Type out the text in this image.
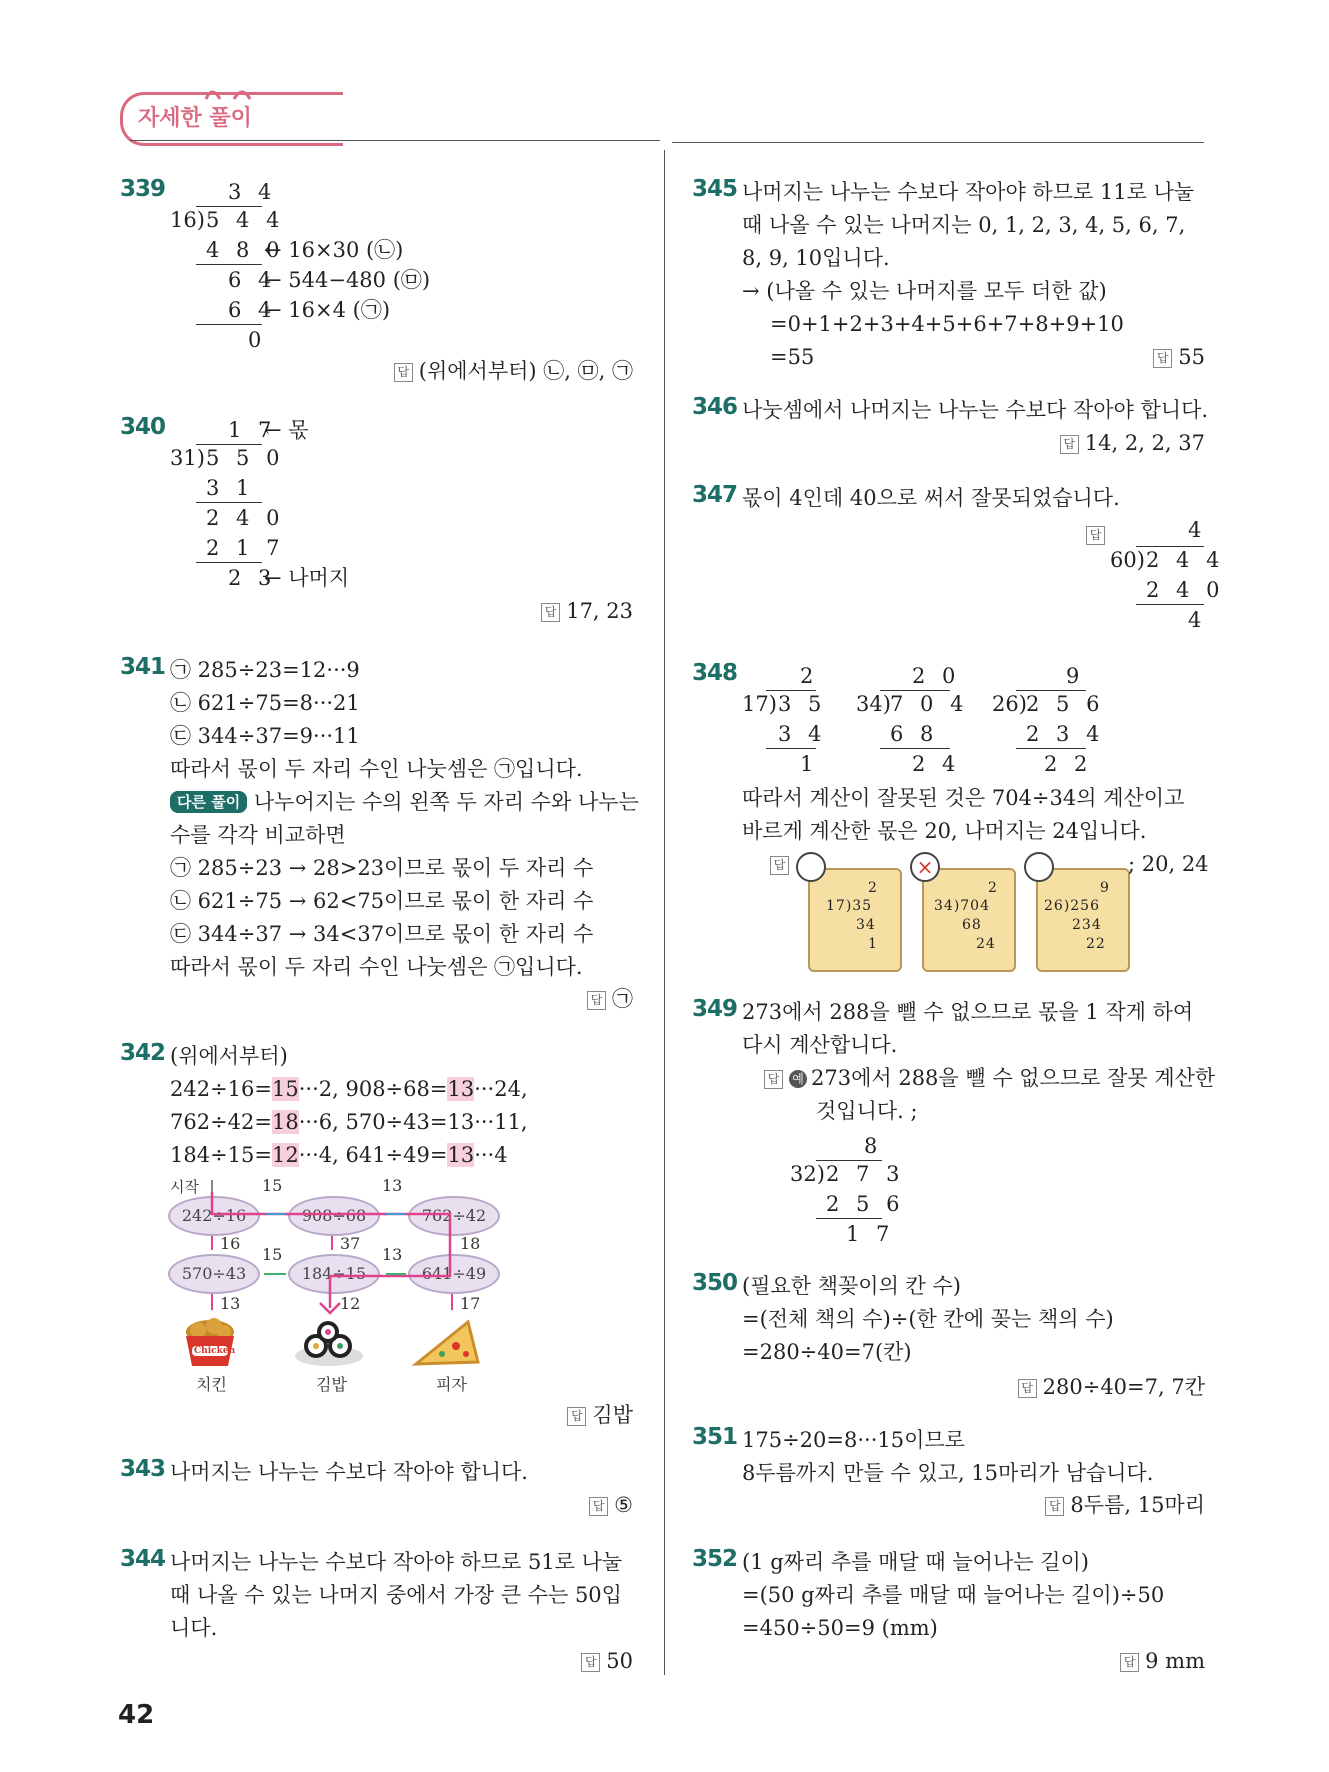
자세한 풀이
339	3 4
16) 5 4 4
4 8 0
← 16×30 (㉡)
6 4
← 544−480 (㉤)
6 4
← 16×4 (㉠)
0
답 (위에서부터) ㉡, ㉤, ㉠
340	1 7
← 몫
31) 5 5 0
3 1
2 4 0
2 1 7
2 3
← 나머지
답 17, 23
341 ㉠ 285÷23=12···9
㉡ 621÷75=8···21
㉢ 344÷37=9···11
따라서 몫이 두 자리 수인 나눗셈은 ㉠입니다.
다른 풀이 나누어지는 수의 왼쪽 두 자리 수와 나누는
수를 각각 비교하면
㉠ 285÷23 → 28>23이므로 몫이 두 자리 수
㉡ 621÷75 → 62<75이므로 몫이 한 자리 수
㉢ 344÷37 → 34<37이므로 몫이 한 자리 수
따라서 몫이 두 자리 수인 나눗셈은 ㉠입니다.
답 ㉠
342 (위에서부터)
242÷16=15···2, 908÷68=13···24,
762÷42=18···6, 570÷43=13···11,
184÷15=12···4, 641÷49=13···4
시작
242÷16	908÷68	762÷42
570÷43	184÷15	641÷49
15	13
16	37	18
15	13
13	12	17
Chicken
치킨	김밥	피자
답 김밥
343 나머지는 나누는 수보다 작아야 합니다.
답 ⑤
344 나머지는 나누는 수보다 작아야 하므로 51로 나눌
때 나올 수 있는 나머지 중에서 가장 큰 수는 50입
니다.
답 50
42
345 나머지는 나누는 수보다 작아야 하므로 11로 나눌
때 나올 수 있는 나머지는 0, 1, 2, 3, 4, 5, 6, 7,
8, 9, 10입니다.
→ (나올 수 있는 나머지를 모두 더한 값)
=0+1+2+3+4+5+6+7+8+9+10
=55	답 55
346 나눗셈에서 나머지는 나누는 수보다 작아야 합니다.
답 14, 2, 2, 37
347 몫이 4인데 40으로 써서 잘못되었습니다.
답	4
60) 2 4 4
2 4 0
4
348	2
17) 3 5
3 4
1
2 0
34) 7 0 4
6 8
2 4
9
26) 2 5 6
2 3 4
2 2
따라서 계산이 잘못된 것은 704÷34의 계산이고
바르게 계산한 몫은 20, 나머지는 24입니다.
답	×
2
17)35
34
1
2
34)704
68
24
9
26)256
234
22
; 20, 24
349 273에서 288을 뺄 수 없으므로 몫을 1 작게 하여
다시 계산합니다.
답 예 273에서 288을 뺄 수 없으므로 잘못 계산한
것입니다. ;
8
32) 2 7 3
2 5 6
1 7
350 (필요한 책꽂이의 칸 수)
=(전체 책의 수)÷(한 칸에 꽂는 책의 수)
=280÷40=7(칸)
답 280÷40=7, 7칸
351 175÷20=8···15이므로
8두름까지 만들 수 있고, 15마리가 남습니다.
답 8두름, 15마리
352 (1 g짜리 추를 매달 때 늘어나는 길이)
=(50 g짜리 추를 매달 때 늘어나는 길이)÷50
=450÷50=9 (mm)
답 9 mm
